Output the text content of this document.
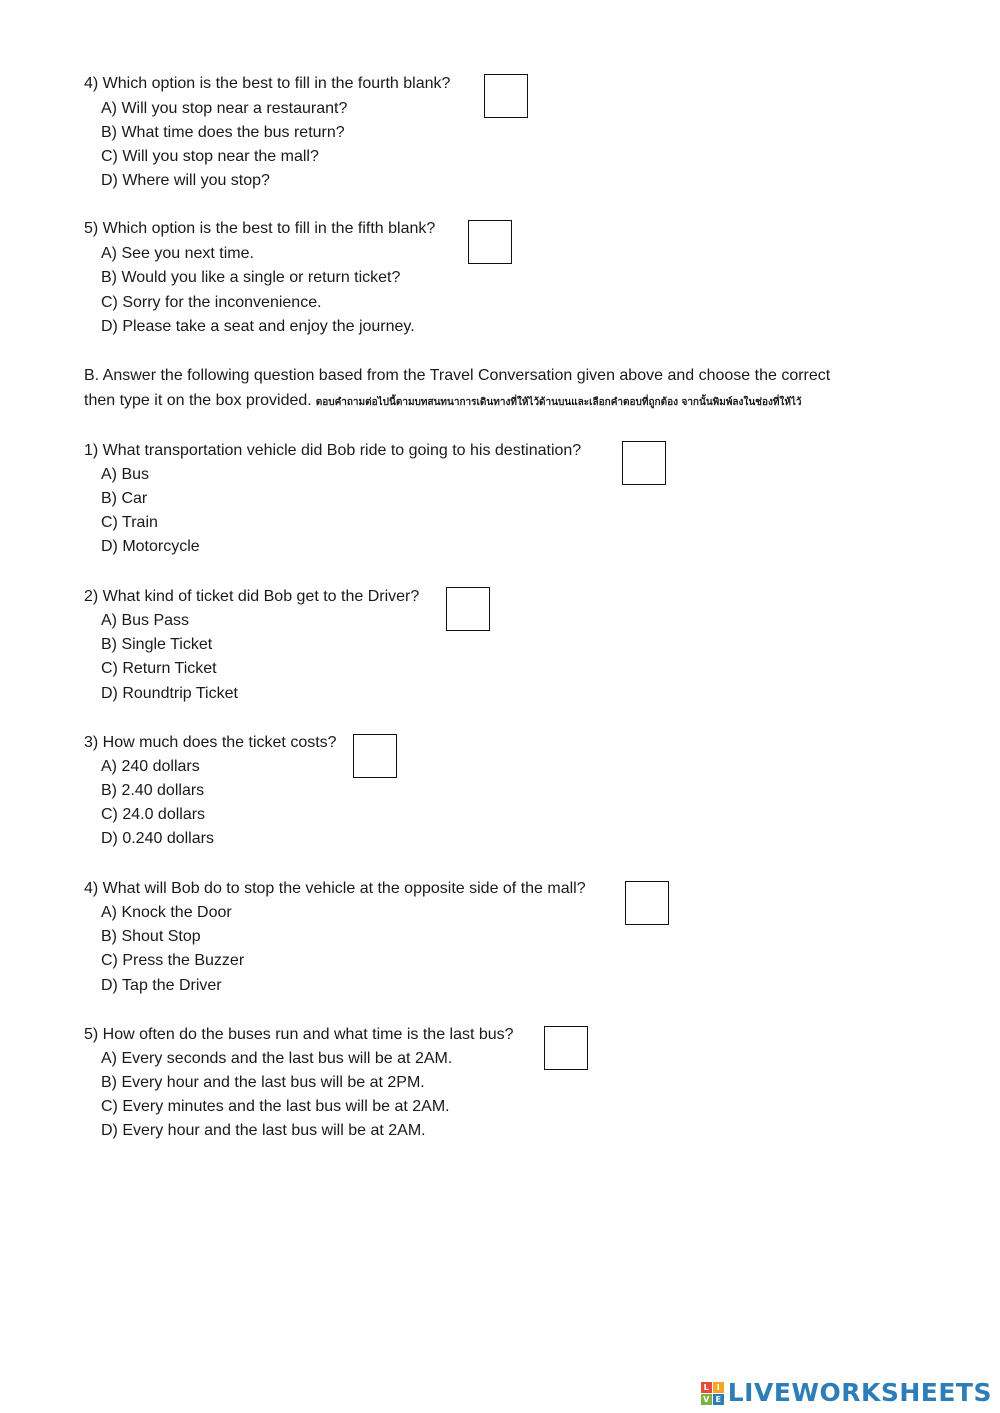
4) Which option is the best to fill in the fourth blank?
A) Will you stop near a restaurant?
B) What time does the bus return?
C) Will you stop near the mall?
D) Where will you stop?
5) Which option is the best to fill in the fifth blank?
A) See you next time.
B) Would you like a single or return ticket?
C) Sorry for the inconvenience.
D) Please take a seat and enjoy the journey.
B. Answer the following question based from the Travel Conversation given above and choose the correct
then type it on the box provided. ตอบคำถามต่อไปนี้ตามบทสนทนาการเดินทางที่ให้ไว้ด้านบนและเลือกคำตอบที่ถูกต้อง จากนั้นพิมพ์ลงในช่องที่ให้ไว้
1) What transportation vehicle did Bob ride to going to his destination?
A) Bus
B) Car
C) Train
D) Motorcycle
2) What kind of ticket did Bob get to the Driver?
A) Bus Pass
B) Single Ticket
C) Return Ticket
D) Roundtrip Ticket
3) How much does the ticket costs?
A) 240 dollars
B) 2.40 dollars
C) 24.0 dollars
D) 0.240 dollars
4) What will Bob do to stop the vehicle at the opposite side of the mall?
A) Knock the Door
B) Shout Stop
C) Press the Buzzer
D) Tap the Driver
5) How often do the buses run and what time is the last bus?
A) Every seconds and the last bus will be at 2AM.
B) Every hour and the last bus will be at 2PM.
C) Every minutes and the last bus will be at 2AM.
D) Every hour and the last bus will be at 2AM.
L I
V E LIVEWORKSHEETS
